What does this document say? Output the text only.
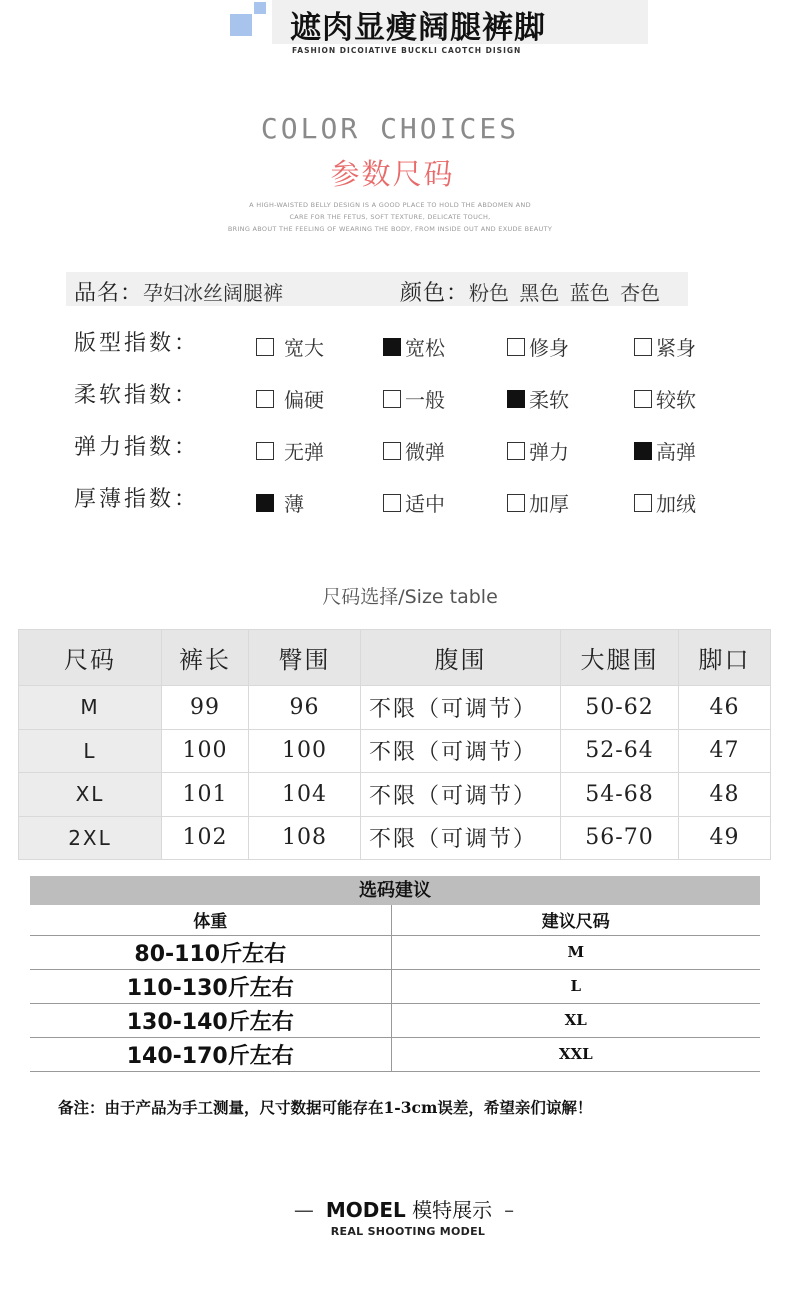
遮肉显瘦阔腿裤脚
FASHION DICOIATIVE BUCKLI CAOTCH DISIGN
COLOR CHOICES
参数尺码
A HIGH-WAISTED BELLY DESIGN IS A GOOD PLACE TO HOLD THE ABDOMEN AND
CARE FOR THE FETUS, SOFT TEXTURE, DELICATE TOUCH,
BRING ABOUT THE FEELING OF WEARING THE BODY, FROM INSIDE OUT AND EXUDE BEAUTY
品名：孕妇冰丝阔腿裤	颜色：粉色 黑色 蓝色 杏色
版型指数：	宽大	宽松	修身	紧身
柔软指数：	偏硬	一般	柔软	较软
弹力指数：	无弹	微弹	弹力	高弹
厚薄指数：	薄	适中	加厚	加绒
尺码选择/Size table
尺码	裤长	臀围	腹围	大腿围	脚口
M	99	96	不限（可调节）	50-62	46
L	100	100	不限（可调节）	52-64	47
XL	101	104	不限（可调节）	54-68	48
2XL	102	108	不限（可调节）	56-70	49
选码建议
体重	建议尺码
80-110斤左右	M
110-130斤左右	L
130-140斤左右	XL
140-170斤左右	XXL
备注：由于产品为手工测量，尺寸数据可能存在1-3cm误差，希望亲们谅解！
— MODEL 模特展示 –
REAL SHOOTING MODEL
